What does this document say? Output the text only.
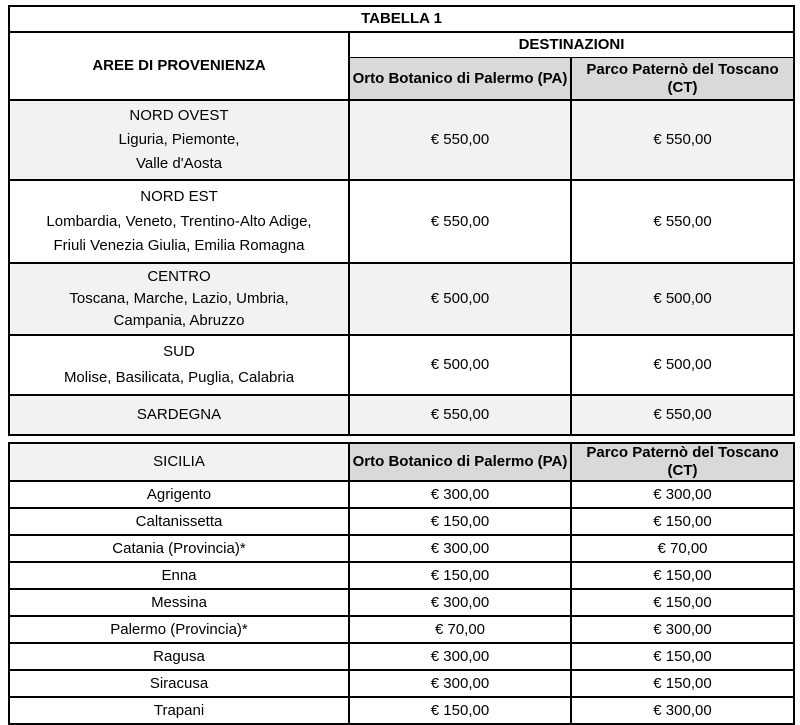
TABELLA 1		
AREE DI PROVENIENZA	DESTINAZIONI	
	Orto Botanico di Palermo (PA)	Parco Paternò del Toscano (CT)

NORD OVEST
Liguria, Piemonte,
Valle d'Aosta	€ 550,00	€ 550,00

NORD EST
Lombardia, Veneto, Trentino-Alto Adige,
Friuli Venezia Giulia, Emilia Romagna	€ 550,00	€ 550,00

CENTRO
Toscana, Marche, Lazio, Umbria,
Campania, Abruzzo	€ 500,00	€ 500,00

SUD
Molise, Basilicata, Puglia, Calabria	€ 500,00	€ 500,00

SARDEGNA	€ 550,00	€ 550,00
SICILIA	Orto Botanico di Palermo (PA)	Parco Paternò del Toscano (CT)
Agrigento	€ 300,00	€ 300,00
Caltanissetta	€ 150,00	€ 150,00
Catania (Provincia)*	€ 300,00	€ 70,00
Enna	€ 150,00	€ 150,00
Messina	€ 300,00	€ 150,00
Palermo (Provincia)*	€ 70,00	€ 300,00
Ragusa	€ 300,00	€ 150,00
Siracusa	€ 300,00	€ 150,00
Trapani	€ 150,00	€ 300,00
